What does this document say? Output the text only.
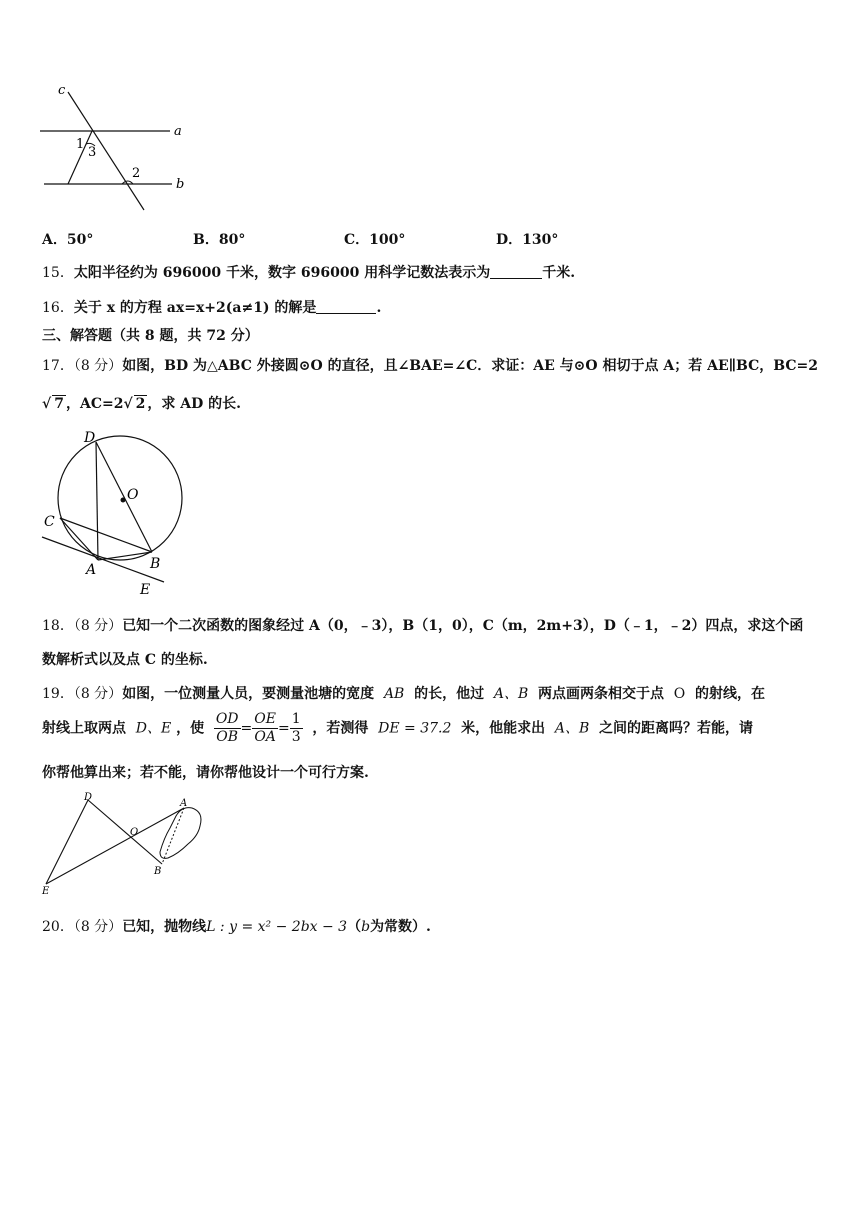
c
a
b
1
3
2
A．50°	B．80°	C．100°	D．130°
15．太阳半径约为 696000 千米，数字 696000 用科学记数法表示为	千米.
16．关于 x 的方程 ax=x+2(a≠1) 的解是	.
三、解答题（共 8 题，共 72 分）
17．（8 分）如图，BD 为△ABC 外接圆⊙O 的直径，且∠BAE=∠C．求证：AE 与⊙O 相切于点 A；若 AE∥BC，BC=2
√ 7 ，AC=2√ 2 ，求 AD 的长.
D
O
C
A	B
E
18．（8 分）已知一个二次函数的图象经过 A（0，﹣3），B（1，0），C（m，2m+3），D（﹣1，﹣2）四点，求这个函
数解析式以及点 C 的坐标.
19．（8 分）如图，一位测量人员，要测量池塘的宽度 AB 的长，他过 A、B 两点画两条相交于点 O 的射线，在
射线上取两点 D、E ，使 $\frac{OD}{OB} = \frac{OE}{OA} = \frac{1}{3}$ ，若测得 DE = 37.2 米，他能求出 A、B 之间的距离吗？若能，请
你帮他算出来；若不能，请你帮他设计一个可行方案.
D
O
A
B
E
20．（8 分）已知，抛物线L : y = x² − 2bx − 3（b为常数）.
